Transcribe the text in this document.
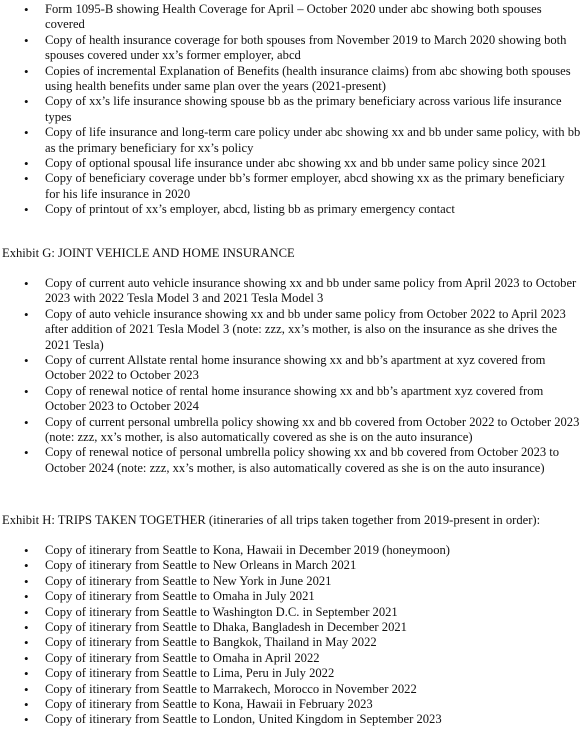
• Form 1095-B showing Health Coverage for April – October 2020 under abc showing both spouses covered
• Copy of health insurance coverage for both spouses from November 2019 to March 2020 showing both spouses covered under xx’s former employer, abcd
• Copies of incremental Explanation of Benefits (health insurance claims) from abc showing both spouses using health benefits under same plan over the years (2021-present)
• Copy of xx’s life insurance showing spouse bb as the primary beneficiary across various life insurance types
• Copy of life insurance and long-term care policy under abc showing xx and bb under same policy, with bb as the primary beneficiary for xx’s policy
• Copy of optional spousal life insurance under abc showing xx and bb under same policy since 2021
• Copy of beneficiary coverage under bb’s former employer, abcd showing xx as the primary beneficiary for his life insurance in 2020
• Copy of printout of xx’s employer, abcd, listing bb as primary emergency contact

Exhibit G: JOINT VEHICLE AND HOME INSURANCE

• Copy of current auto vehicle insurance showing xx and bb under same policy from April 2023 to October 2023 with 2022 Tesla Model 3 and 2021 Tesla Model 3
• Copy of auto vehicle insurance showing xx and bb under same policy from October 2022 to April 2023 after addition of 2021 Tesla Model 3 (note: zzz, xx’s mother, is also on the insurance as she drives the 2021 Tesla)
• Copy of current Allstate rental home insurance showing xx and bb’s apartment at xyz covered from October 2022 to October 2023
• Copy of renewal notice of rental home insurance showing xx and bb’s apartment xyz covered from October 2023 to October 2024
• Copy of current personal umbrella policy showing xx and bb covered from October 2022 to October 2023 (note: zzz, xx’s mother, is also automatically covered as she is on the auto insurance)
• Copy of renewal notice of personal umbrella policy showing xx and bb covered from October 2023 to October 2024 (note: zzz, xx’s mother, is also automatically covered as she is on the auto insurance)

Exhibit H: TRIPS TAKEN TOGETHER (itineraries of all trips taken together from 2019-present in order):

• Copy of itinerary from Seattle to Kona, Hawaii in December 2019 (honeymoon)
• Copy of itinerary from Seattle to New Orleans in March 2021
• Copy of itinerary from Seattle to New York in June 2021
• Copy of itinerary from Seattle to Omaha in July 2021
• Copy of itinerary from Seattle to Washington D.C. in September 2021
• Copy of itinerary from Seattle to Dhaka, Bangladesh in December 2021
• Copy of itinerary from Seattle to Bangkok, Thailand in May 2022
• Copy of itinerary from Seattle to Omaha in April 2022
• Copy of itinerary from Seattle to Lima, Peru in July 2022
• Copy of itinerary from Seattle to Marrakech, Morocco in November 2022
• Copy of itinerary from Seattle to Kona, Hawaii in February 2023
• Copy of itinerary from Seattle to London, United Kingdom in September 2023
